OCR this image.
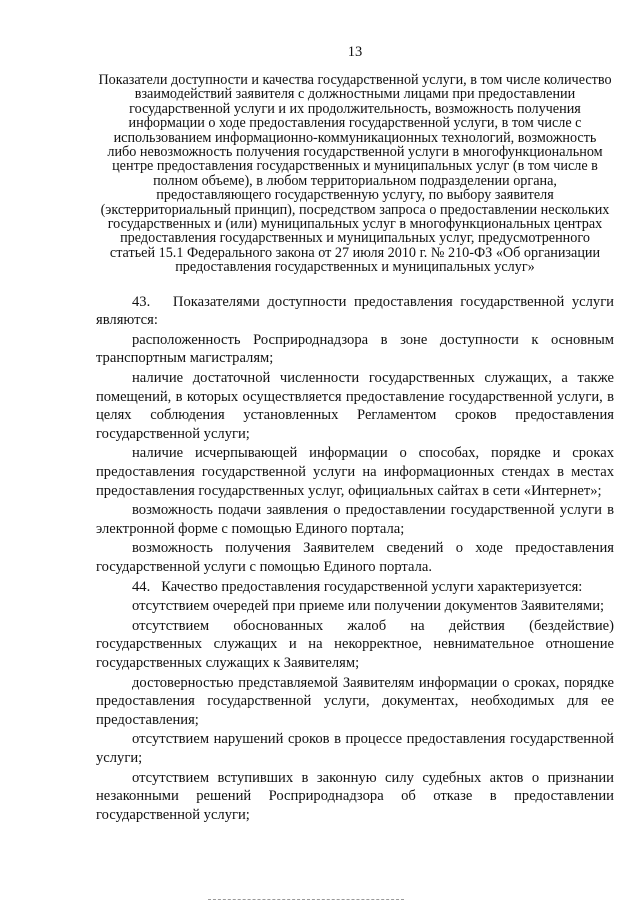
13
Показатели доступности и качества государственной услуги, в том числе количество взаимодействий заявителя с должностными лицами при предоставлении государственной услуги и их продолжительность, возможность получения информации о ходе предоставления государственной услуги, в том числе с использованием информационно-коммуникационных технологий, возможность либо невозможность получения государственной услуги в многофункциональном центре предоставления государственных и муниципальных услуг (в том числе в полном объеме), в любом территориальном подразделении органа, предоставляющего государственную услугу, по выбору заявителя (экстерриториальный принцип), посредством запроса о предоставлении нескольких государственных и (или) муниципальных услуг в многофункциональных центрах предоставления государственных и муниципальных услуг, предусмотренного статьей 15.1 Федерального закона от 27 июля 2010 г. № 210-ФЗ «Об организации предоставления государственных и муниципальных услуг»

43.   Показателями доступности предоставления государственной услуги являются:

расположенность Росприроднадзора в зоне доступности к основным транспортным магистралям;

наличие достаточной численности государственных служащих, а также помещений, в которых осуществляется предоставление государственной услуги, в целях соблюдения установленных Регламентом сроков предоставления государственной услуги;

наличие исчерпывающей информации о способах, порядке и сроках предоставления государственной услуги на информационных стендах в местах предоставления государственных услуг, официальных сайтах в сети «Интернет»;

возможность подачи заявления о предоставлении государственной услуги в электронной форме с помощью Единого портала;

возможность получения Заявителем сведений о ходе предоставления государственной услуги с помощью Единого портала.

44.   Качество предоставления государственной услуги характеризуется:

отсутствием очередей при приеме или получении документов Заявителями;

отсутствием обоснованных жалоб на действия (бездействие) государственных служащих и на некорректное, невнимательное отношение государственных служащих к Заявителям;

достоверностью представляемой Заявителям информации о сроках, порядке предоставления государственной услуги, документах, необходимых для ее предоставления;

отсутствием нарушений сроков в процессе предоставления государственной услуги;

отсутствием вступивших в законную силу судебных актов о признании незаконными решений Росприроднадзора об отказе в предоставлении государственной услуги;
